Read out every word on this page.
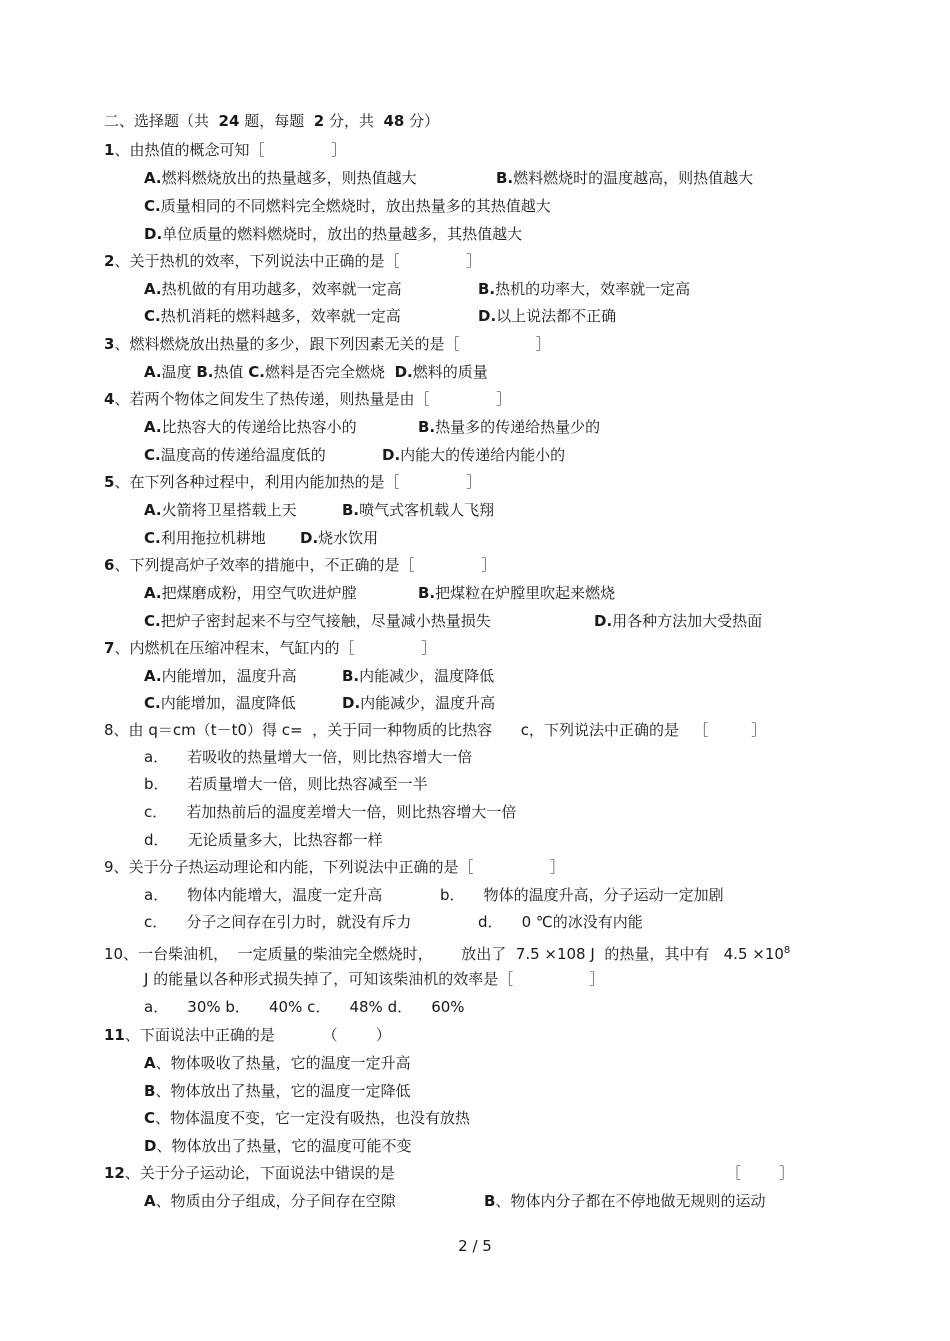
二、选择题（共  24 题，每题  2 分，共  48 分）
1、由热值的概念可知［              ］
A.燃料燃烧放出的热量越多，则热值越大	B.燃料燃烧时的温度越高，则热值越大
C.质量相同的不同燃料完全燃烧时，放出热量多的其热值越大
D.单位质量的燃料燃烧时，放出的热量越多，其热值越大
2、关于热机的效率，下列说法中正确的是［              ］
A.热机做的有用功越多，效率就一定高	B.热机的功率大，效率就一定高
C.热机消耗的燃料越多，效率就一定高	D.以上说法都不正确
3、燃料燃烧放出热量的多少，跟下列因素无关的是［                ］
A.温度 B.热值 C.燃料是否完全燃烧  D.燃料的质量
4、若两个物体之间发生了热传递，则热量是由［              ］
A.比热容大的传递给比热容小的	B.热量多的传递给热量少的
C.温度高的传递给温度低的	D.内能大的传递给内能小的
5、在下列各种过程中，利用内能加热的是［              ］
A.火箭将卫星搭载上天	B.喷气式客机载人飞翔
C.利用拖拉机耕地 D.烧水饮用
6、下列提高炉子效率的措施中，不正确的是［              ］
A.把煤磨成粉，用空气吹进炉膛	B.把煤粒在炉膛里吹起来燃烧
C.把炉子密封起来不与空气接触，尽量减小热量损失	D.用各种方法加大受热面
7、内燃机在压缩冲程末，气缸内的［              ］
A.内能增加，温度升高	B.内能减少，温度降低
C.内能增加，温度降低	D.内能减少，温度升高
8、由 q＝cm（t－t0）得 c=  ，关于同一种物质的比热容      c，下列说法中正确的是   ［         ］
a． 若吸收的热量增大一倍，则比热容增大一倍
b． 若质量增大一倍，则比热容减至一半
c． 若加热前后的温度差增大一倍，则比热容增大一倍
d． 无论质量多大，比热容都一样
9、关于分子热运动理论和内能，下列说法中正确的是［                ］
a． 物体内能增大，温度一定升高	b． 物体的温度升高，分子运动一定加剧
c． 分子之间存在引力时，就没有斥力	d． 0 ℃的冰没有内能
10、一台柴油机，  一定质量的柴油完全燃烧时，      放出了  7.5 ×108 J  的热量，其中有   $4.5 \times 10^8$
J 的能量以各种形式损失掉了，可知该柴油机的效率是［                ］
a． 30% b． 40% c． 48% d． 60%
11、下面说法中正确的是          （        ）
A、物体吸收了热量，它的温度一定升高
B、物体放出了热量，它的温度一定降低
C、物体温度不变，它一定没有吸热，也没有放热
D、物体放出了热量，它的温度可能不变
12、关于分子运动论，下面说法中错误的是	［        ］
A、物质由分子组成，分子间存在空隙	B、物体内分子都在不停地做无规则的运动
2 / 5
